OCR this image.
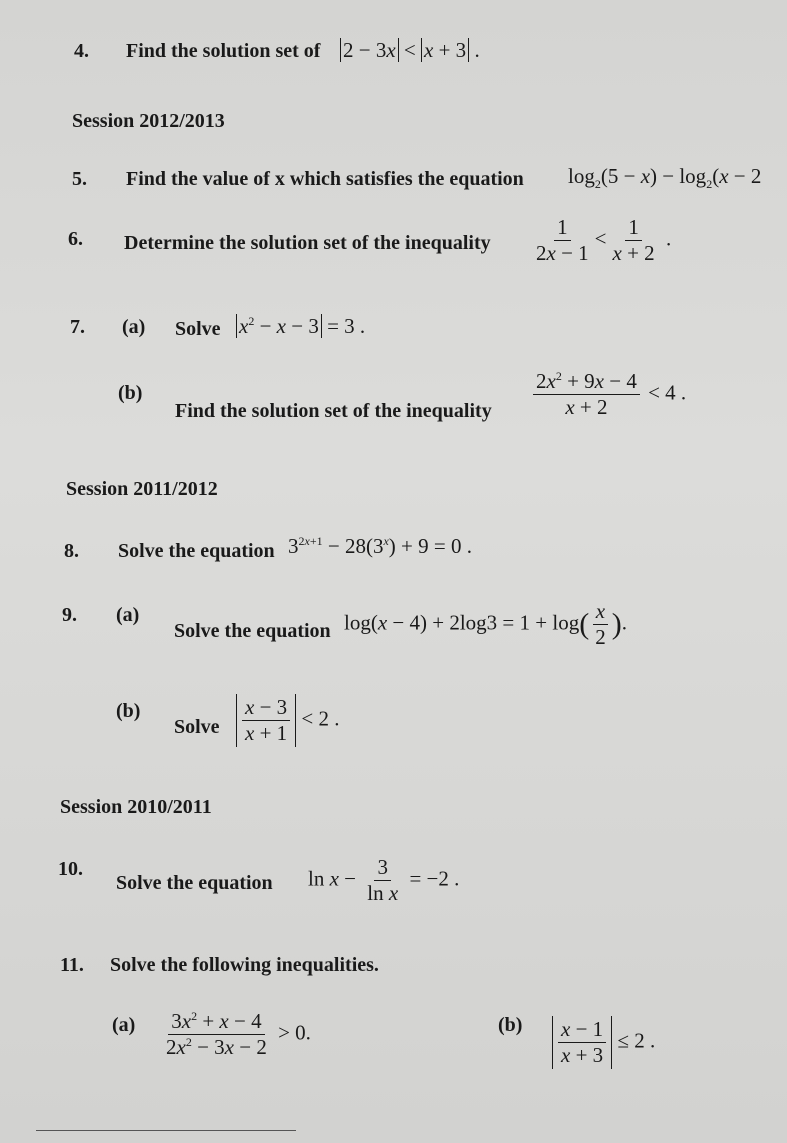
4. Find the solution set of 2 − 3x < x + 3 .
Session 2012/2013
5. Find the value of x which satisfies the equation $\log_2(5 - x) - \log_2(x - 2$
6. Determine the solution set of the inequality $\frac{1}{2x - 1} < \frac{1}{x + 2}$ .
7. (a) Solve $x^2 - x - 3 = 3$ .
(b)
Find the solution set of the inequality $\frac{2x^2 + 9x - 4}{x + 2} < 4$ .
Session 2011/2012
8. Solve the equation $3^{2x+1} - 28(3^x) + 9 = 0$ .
9. (a)
Solve the equation $\log(x - 4) + 2\log 3 = 1 + \log( \frac{x}{2}$ ).
(b)
Solve $\frac{x - 3}{x + 1} < 2$ .
Session 2010/2011
10.
Solve the equation $\ln x - \frac{3}{\text{ln x}} = -2$ .
11. Solve the following inequalities.
$(a) \frac{3x^2 + x - 4}{2x^2 - 3x - 2} > 0$.	$(b) \frac{x - 1}{x + 3} \le 2$ .
